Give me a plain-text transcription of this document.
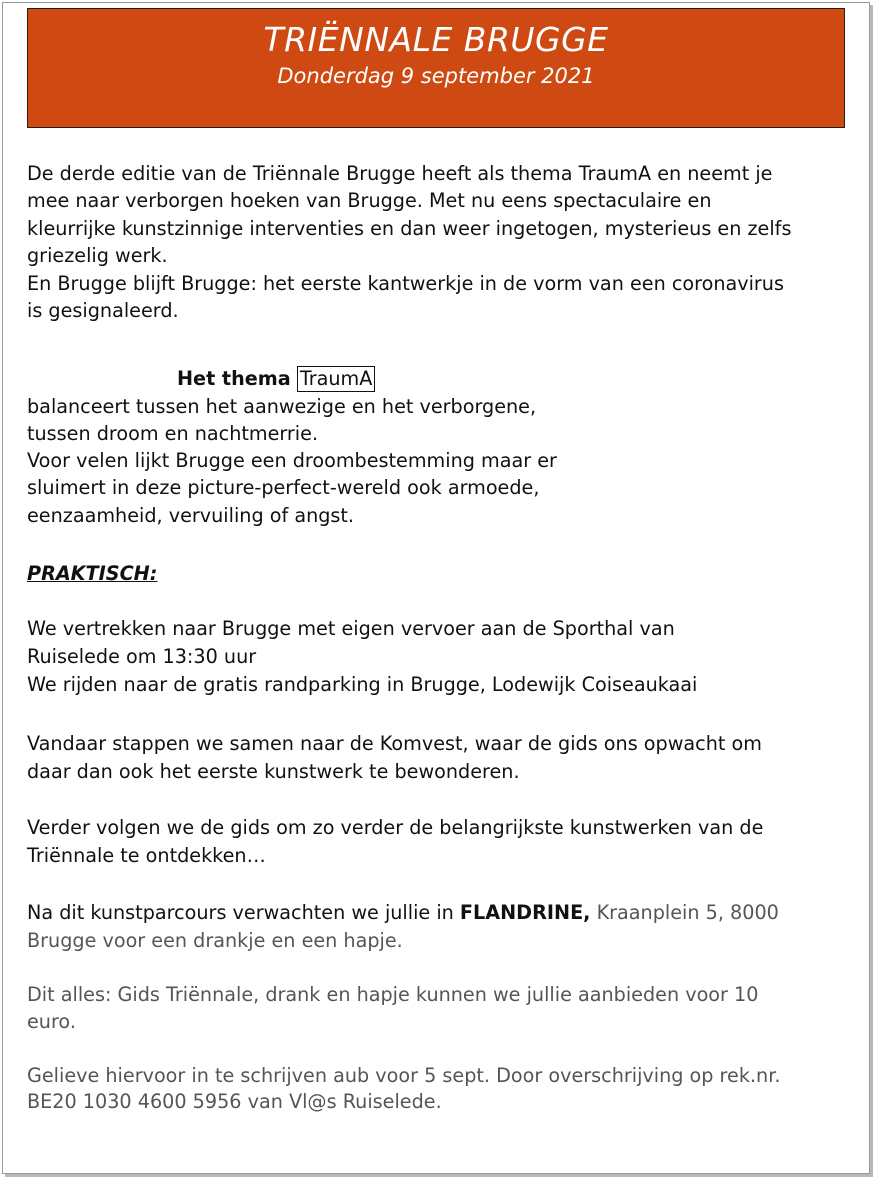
TRIËNNALE BRUGGE
Donderdag 9 september 2021
De derde editie van de Triënnale Brugge heeft als thema TraumA en neemt je
mee naar verborgen hoeken van Brugge. Met nu eens spectaculaire en
kleurrijke kunstzinnige interventies en dan weer ingetogen, mysterieus en zelfs
griezelig werk.
En Brugge blijft Brugge: het eerste kantwerkje in de vorm van een coronavirus
is gesignaleerd.
Het thema TraumA
balanceert tussen het aanwezige en het verborgene,
tussen droom en nachtmerrie.
Voor velen lijkt Brugge een droombestemming maar er
sluimert in deze picture-perfect-wereld ook armoede,
eenzaamheid, vervuiling of angst.
PRAKTISCH:
We vertrekken naar Brugge met eigen vervoer aan de Sporthal van
Ruiselede om 13:30 uur
We rijden naar de gratis randparking in Brugge, Lodewijk Coiseaukaai
Vandaar stappen we samen naar de Komvest, waar de gids ons opwacht om
daar dan ook het eerste kunstwerk te bewonderen.
Verder volgen we de gids om zo verder de belangrijkste kunstwerken van de
Triënnale te ontdekken…
Na dit kunstparcours verwachten we jullie in FLANDRINE, Kraanplein 5, 8000
Brugge voor een drankje en een hapje.
Dit alles: Gids Triënnale, drank en hapje kunnen we jullie aanbieden voor 10
euro.
Gelieve hiervoor in te schrijven aub voor 5 sept. Door overschrijving op rek.nr.
BE20 1030 4600 5956 van Vl@s Ruiselede.
